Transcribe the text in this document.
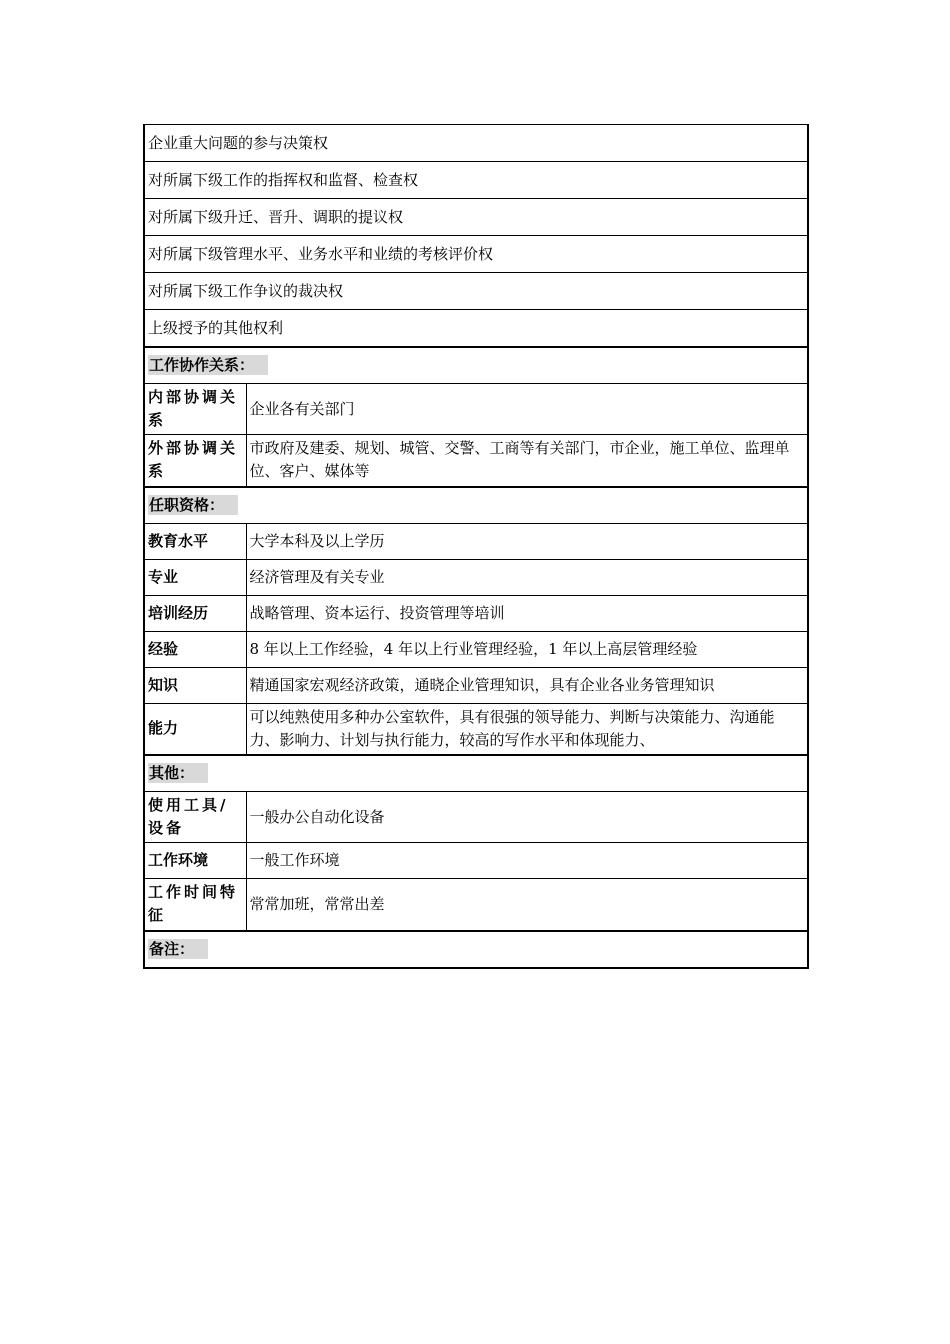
企业重大问题的参与决策权	
对所属下级工作的指挥权和监督、检查权	
对所属下级升迁、晋升、调职的提议权	
对所属下级管理水平、业务水平和业绩的考核评价权	
对所属下级工作争议的裁决权	
上级授予的其他权利	
工作协作关系：	
内部协调关系	企业各有关部门
外部协调关系	市政府及建委、规划、城管、交警、工商等有关部门，市企业，施工单位、监理单位、客户、媒体等
任职资格：	
教育水平	大学本科及以上学历
专业	经济管理及有关专业
培训经历	战略管理、资本运行、投资管理等培训
经验	8 年以上工作经验，4 年以上行业管理经验，1 年以上高层管理经验
知识	精通国家宏观经济政策，通晓企业管理知识，具有企业各业务管理知识
能力	可以纯熟使用多种办公室软件，具有很强的领导能力、判断与决策能力、沟通能力、影响力、计划与执行能力，较高的写作水平和体现能力、
其他：	
使用工具/设备	一般办公自动化设备
工作环境	一般工作环境
工作时间特征	常常加班，常常出差
备注：	
